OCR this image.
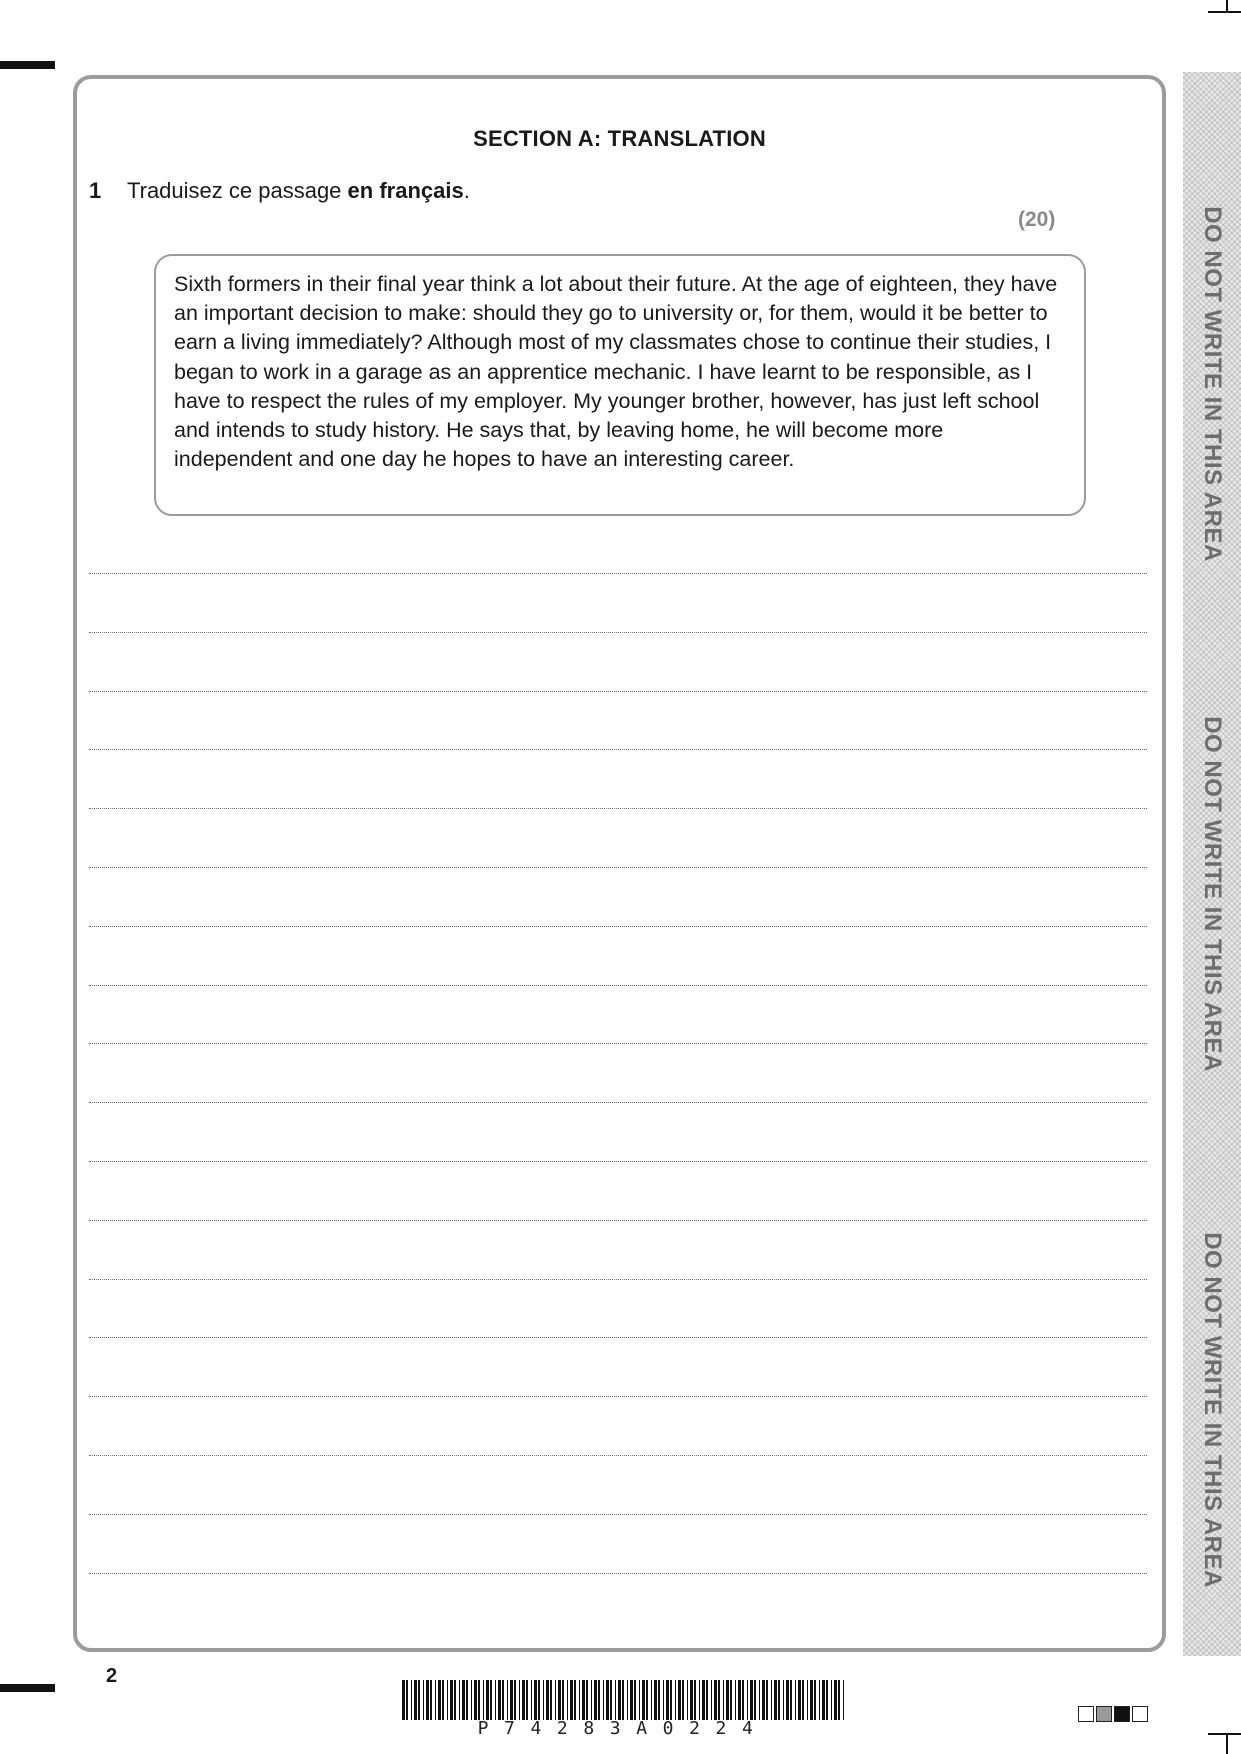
SECTION A: TRANSLATION
1 Traduisez ce passage en français.
(20)
Sixth formers in their final year think a lot about their future. At the age of eighteen, they have an important decision to make: should they go to university or, for them, would it be better to earn a living immediately? Although most of my classmates chose to continue their studies, I began to work in a garage as an apprentice mechanic. I have learnt to be responsible, as I have to respect the rules of my employer. My younger brother, however, has just left school and intends to study history. He says that, by leaving home, he will become more independent and one day he hopes to have an interesting career.	DO NOT WRITE IN THIS AREA
DO NOT WRITE IN THIS AREA
DO NOT WRITE IN THIS AREA
2
P74283A0224
